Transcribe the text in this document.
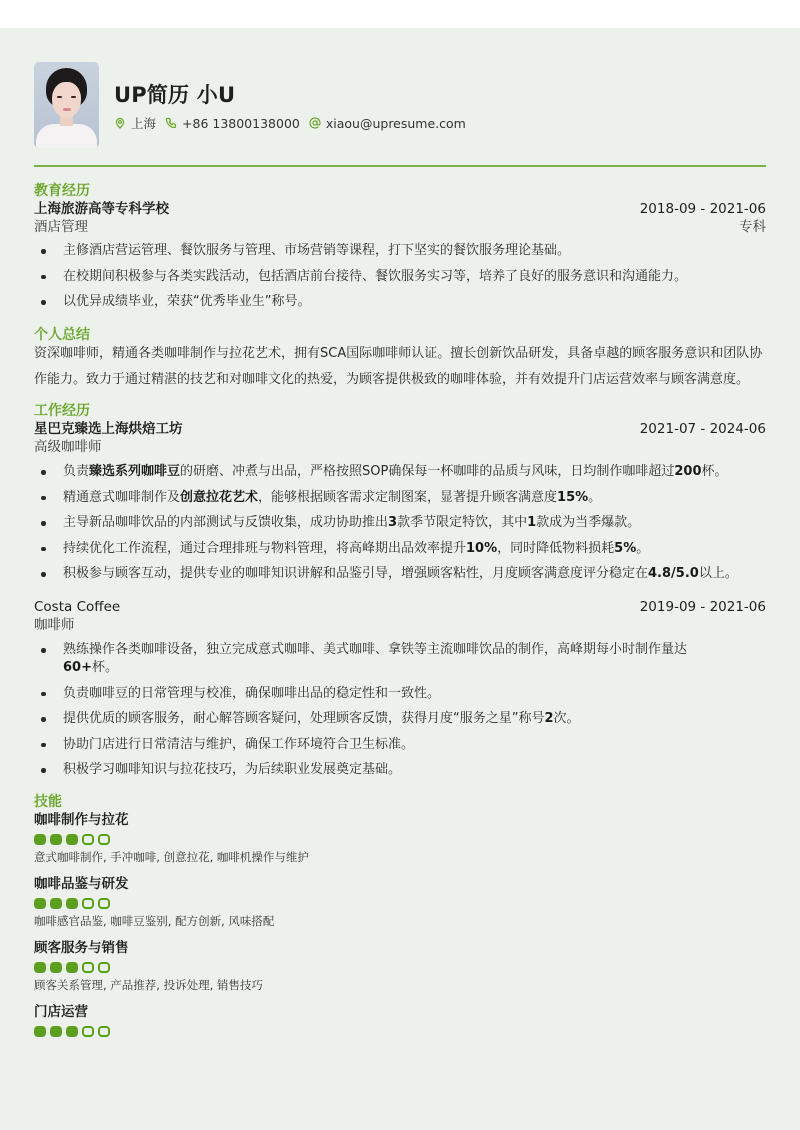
UP简历 小U
上海 +86 13800138000 xiaou@upresume.com
教育经历
上海旅游高等专科学校	2018-09 - 2021-06
酒店管理	专科
主修酒店营运管理、餐饮服务与管理、市场营销等课程，打下坚实的餐饮服务理论基础。
在校期间积极参与各类实践活动，包括酒店前台接待、餐饮服务实习等，培养了良好的服务意识和沟通能力。
以优异成绩毕业，荣获“优秀毕业生”称号。
个人总结
资深咖啡师，精通各类咖啡制作与拉花艺术，拥有SCA国际咖啡师认证。擅长创新饮品研发，具备卓越的顾客服务意识和团队协作能力。致力于通过精湛的技艺和对咖啡文化的热爱，为顾客提供极致的咖啡体验，并有效提升门店运营效率与顾客满意度。
工作经历
星巴克臻选上海烘焙工坊	2021-07 - 2024-06
高级咖啡师
负责臻选系列咖啡豆的研磨、冲煮与出品，严格按照SOP确保每一杯咖啡的品质与风味，日均制作咖啡超过200杯。
精通意式咖啡制作及创意拉花艺术，能够根据顾客需求定制图案，显著提升顾客满意度15%。
主导新品咖啡饮品的内部测试与反馈收集，成功协助推出3款季节限定特饮，其中1款成为当季爆款。
持续优化工作流程，通过合理排班与物料管理，将高峰期出品效率提升10%，同时降低物料损耗5%。
积极参与顾客互动，提供专业的咖啡知识讲解和品鉴引导，增强顾客粘性，月度顾客满意度评分稳定在4.8/5.0以上。
Costa Coffee	2019-09 - 2021-06
咖啡师
熟练操作各类咖啡设备，独立完成意式咖啡、美式咖啡、拿铁等主流咖啡饮品的制作，高峰期每小时制作量达60+杯。
负责咖啡豆的日常管理与校准，确保咖啡出品的稳定性和一致性。
提供优质的顾客服务，耐心解答顾客疑问，处理顾客反馈，获得月度“服务之星”称号2次。
协助门店进行日常清洁与维护，确保工作环境符合卫生标准。
积极学习咖啡知识与拉花技巧，为后续职业发展奠定基础。
技能
咖啡制作与拉花
意式咖啡制作, 手冲咖啡, 创意拉花, 咖啡机操作与维护
咖啡品鉴与研发
咖啡感官品鉴, 咖啡豆鉴别, 配方创新, 风味搭配
顾客服务与销售
顾客关系管理, 产品推荐, 投诉处理, 销售技巧
门店运营
